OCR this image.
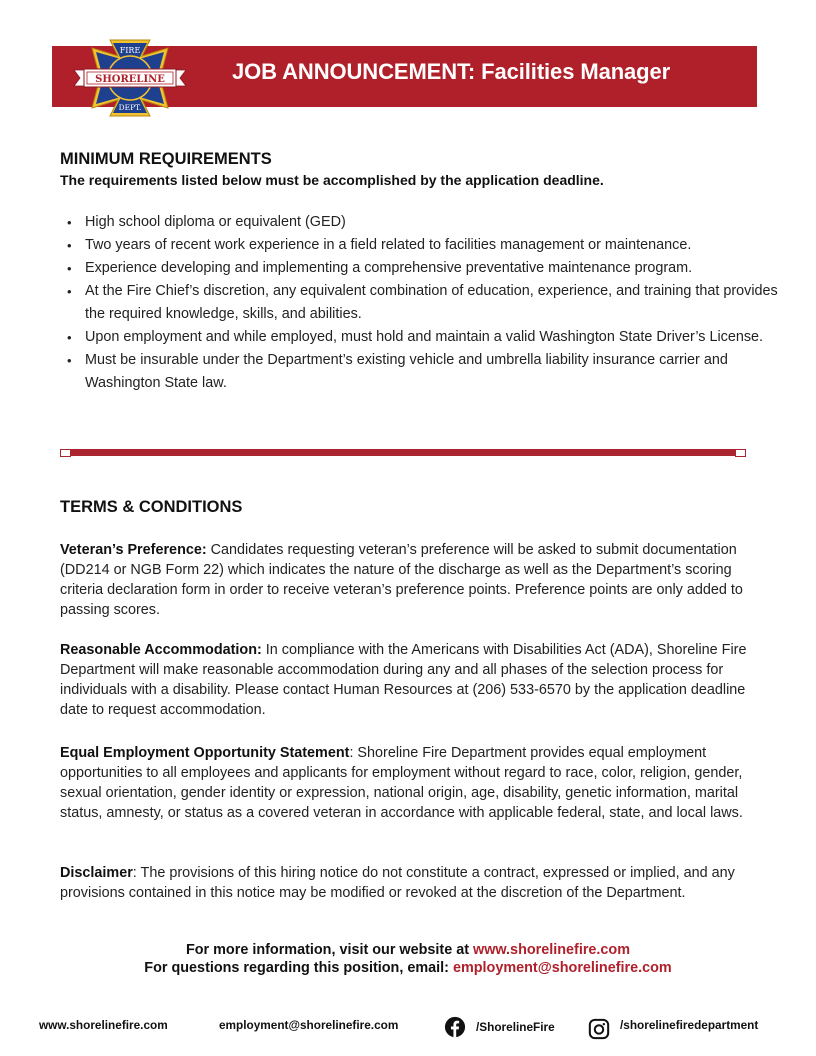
FIRE
SHORELINE
DEPT.
JOB ANNOUNCEMENT: Facilities Manager
MINIMUM REQUIREMENTS
The requirements listed below must be accomplished by the application deadline.
• High school diploma or equivalent (GED)
• Two years of recent work experience in a field related to facilities management or maintenance.
• Experience developing and implementing a comprehensive preventative maintenance program.
• At the Fire Chief’s discretion, any equivalent combination of education, experience, and training that provides the required knowledge, skills, and abilities.
• Upon employment and while employed, must hold and maintain a valid Washington State Driver’s License.
• Must be insurable under the Department’s existing vehicle and umbrella liability insurance carrier and Washington State law.
TERMS & CONDITIONS
Veteran’s Preference: Candidates requesting veteran’s preference will be asked to submit documentation (DD214 or NGB Form 22) which indicates the nature of the discharge as well as the Department’s scoring criteria declaration form in order to receive veteran’s preference points. Preference points are only added to passing scores.
Reasonable Accommodation: In compliance with the Americans with Disabilities Act (ADA), Shoreline Fire Department will make reasonable accommodation during any and all phases of the selection process for individuals with a disability. Please contact Human Resources at (206) 533-6570 by the application deadline date to request accommodation.
Equal Employment Opportunity Statement: Shoreline Fire Department provides equal employment opportunities to all employees and applicants for employment without regard to race, color, religion, gender, sexual orientation, gender identity or expression, national origin, age, disability, genetic information, marital status, amnesty, or status as a covered veteran in accordance with applicable federal, state, and local laws.
Disclaimer: The provisions of this hiring notice do not constitute a contract, expressed or implied, and any provisions contained in this notice may be modified or revoked at the discretion of the Department.
For more information, visit our website at www.shorelinefire.com
For questions regarding this position, email: employment@shorelinefire.com
www.shorelinefire.com	employment@shorelinefire.com	/ShorelineFire	/shorelinefiredepartment
